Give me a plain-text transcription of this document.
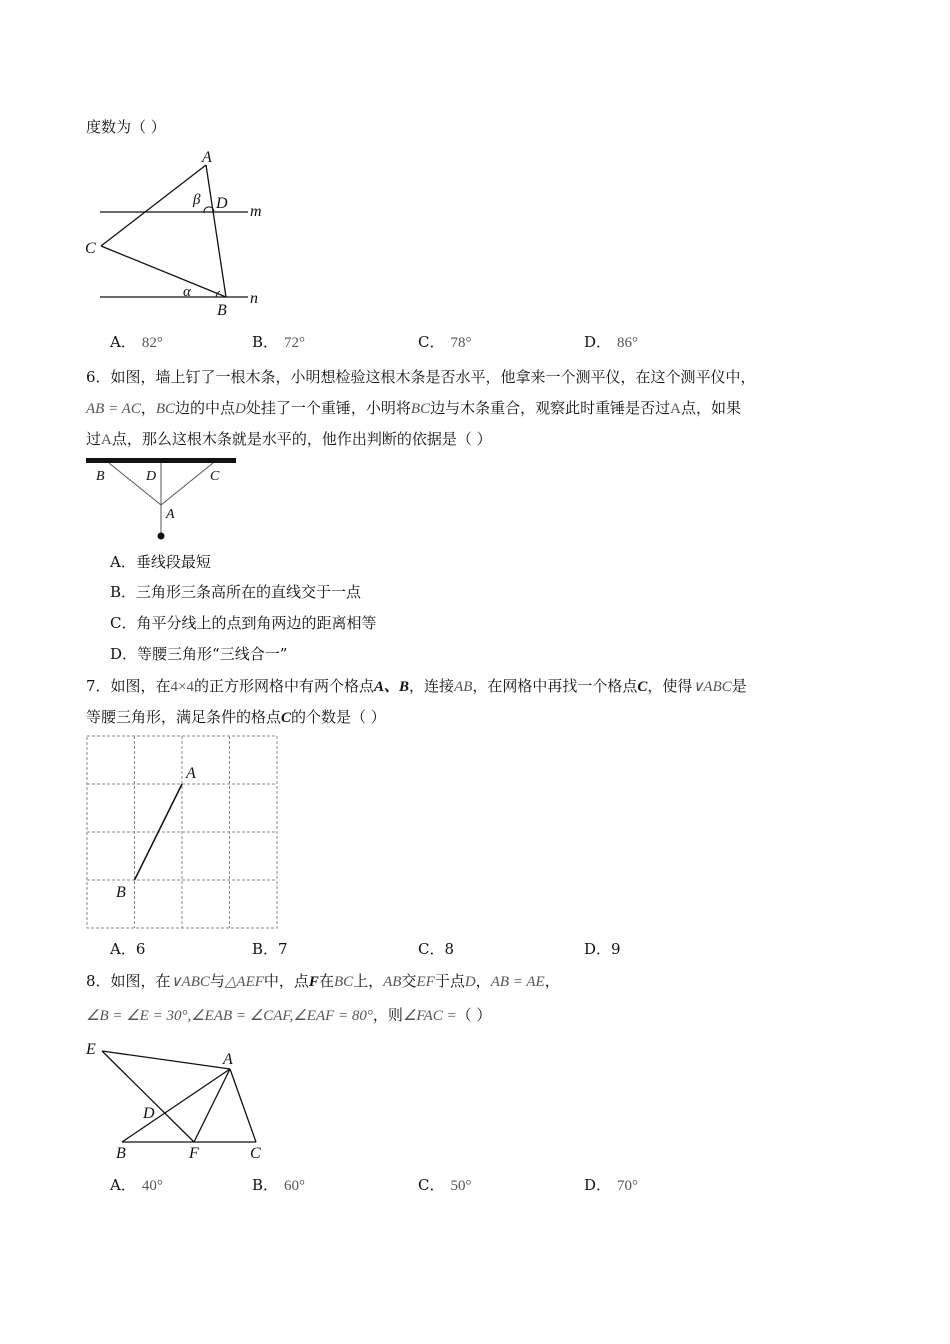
度数为（ ）
A
D
C
B
m
n
β
α
A． 82°	B． 72°	C． 78°	D． 86°
6．如图，墙上钉了一根木条，小明想检验这根木条是否水平，他拿来一个测平仪，在这个测平仪中，
AB = AC，BC边的中点D处挂了一个重锤，小明将BC边与木条重合，观察此时重锤是否过A点，如果
过A点，那么这根木条就是水平的，他作出判断的依据是（ ）
B	D	C
A
A．垂线段最短
B．三角形三条高所在的直线交于一点
C．角平分线上的点到角两边的距离相等
D．等腰三角形“三线合一”
7．如图，在4×4的正方形网格中有两个格点A、B，连接AB，在网格中再找一个格点C，使得∨ABC是
等腰三角形，满足条件的格点C的个数是（ ）
A
B
A．6	B．7	C．8	D．9
8．如图，在∨ABC与△AEF中，点F在BC上，AB交EF于点D，AB = AE，
∠B = ∠E = 30°,∠EAB = ∠CAF,∠EAF = 80°，则∠FAC =（ ）
E
A
D
B	F	C
A． 40°	B． 60°	C． 50°	D． 70°
